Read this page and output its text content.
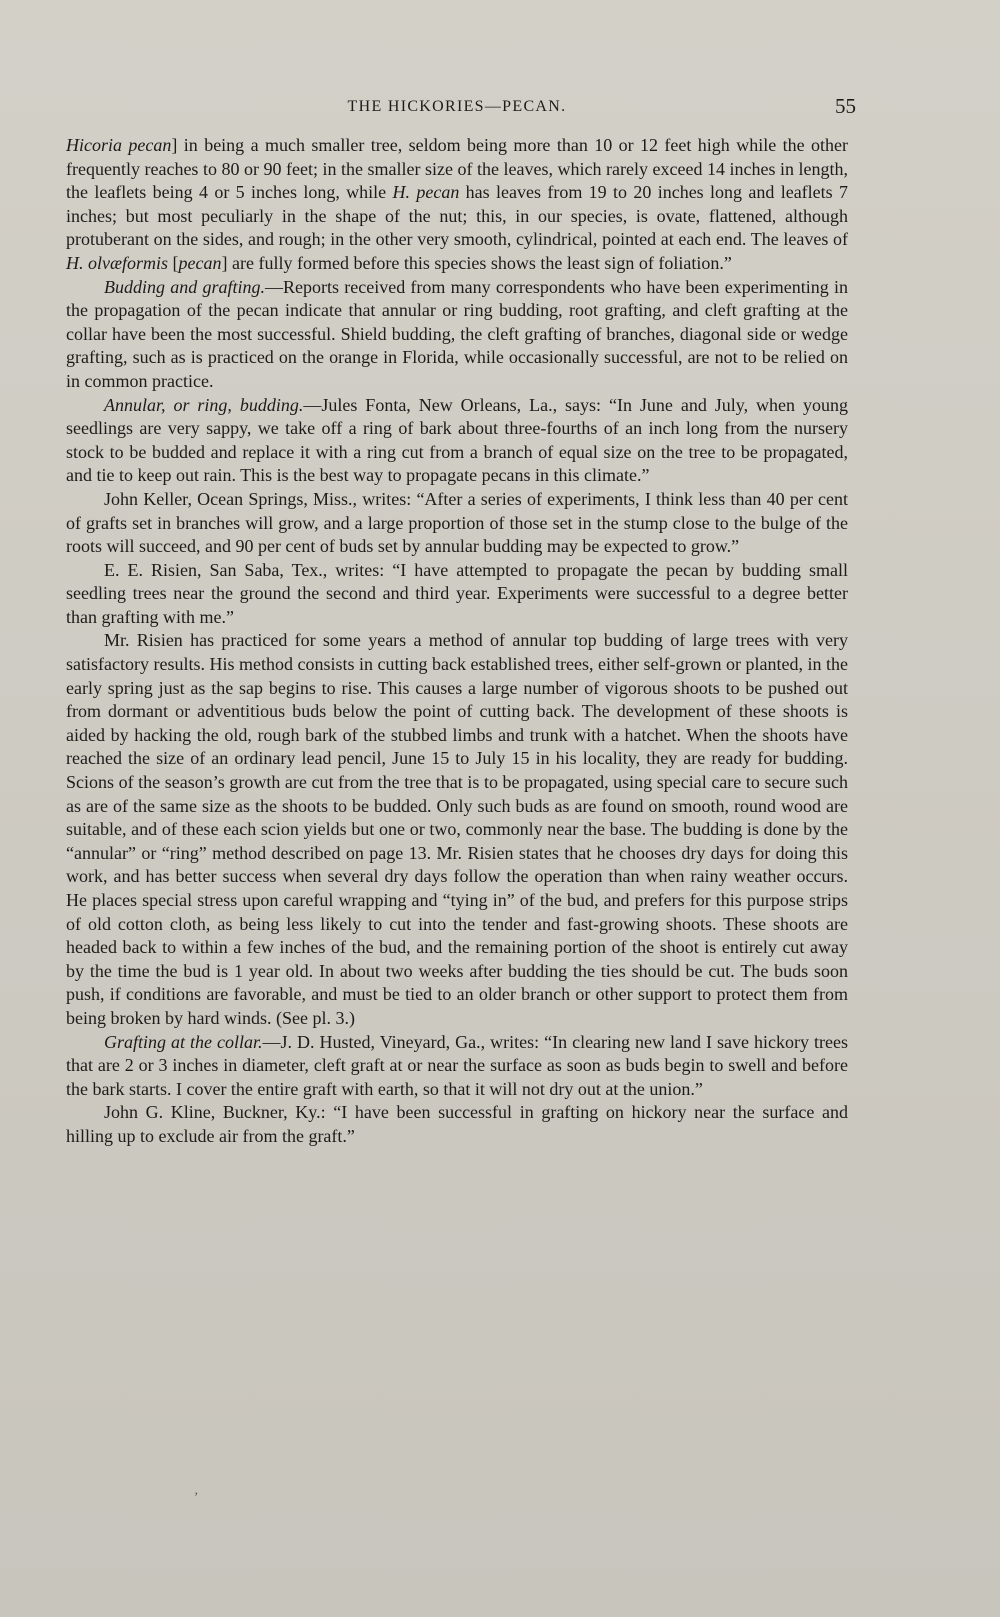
THE HICKORIES—PECAN.	55

Hicoria pecan] in being a much smaller tree, seldom being more than 10 or 12 feet high while the other frequently reaches to 80 or 90 feet; in the smaller size of the leaves, which rarely exceed 14 inches in length, the leaflets being 4 or 5 inches long, while H. pecan has leaves from 19 to 20 inches long and leaflets 7 inches; but most peculiarly in the shape of the nut; this, in our species, is ovate, flattened, although protuberant on the sides, and rough; in the other very smooth, cylindrical, pointed at each end. The leaves of H. olvæformis [pecan] are fully formed before this species shows the least sign of foliation.”

Budding and grafting.—Reports received from many correspondents who have been experimenting in the propagation of the pecan indicate that annular or ring budding, root grafting, and cleft grafting at the collar have been the most successful. Shield budding, the cleft grafting of branches, diagonal side or wedge grafting, such as is practiced on the orange in Florida, while occasionally successful, are not to be relied on in common practice.

Annular, or ring, budding.—Jules Fonta, New Orleans, La., says: “In June and July, when young seedlings are very sappy, we take off a ring of bark about three-fourths of an inch long from the nursery stock to be budded and replace it with a ring cut from a branch of equal size on the tree to be propagated, and tie to keep out rain. This is the best way to propagate pecans in this climate.”

John Keller, Ocean Springs, Miss., writes: “After a series of experiments, I think less than 40 per cent of grafts set in branches will grow, and a large proportion of those set in the stump close to the bulge of the roots will succeed, and 90 per cent of buds set by annular budding may be expected to grow.”

E. E. Risien, San Saba, Tex., writes: “I have attempted to propagate the pecan by budding small seedling trees near the ground the second and third year. Experiments were successful to a degree better than grafting with me.”

Mr. Risien has practiced for some years a method of annular top budding of large trees with very satisfactory results. His method consists in cutting back established trees, either self-grown or planted, in the early spring just as the sap begins to rise. This causes a large number of vigorous shoots to be pushed out from dormant or adventitious buds below the point of cutting back. The development of these shoots is aided by hacking the old, rough bark of the stubbed limbs and trunk with a hatchet. When the shoots have reached the size of an ordinary lead pencil, June 15 to July 15 in his locality, they are ready for budding. Scions of the season’s growth are cut from the tree that is to be propagated, using special care to secure such as are of the same size as the shoots to be budded. Only such buds as are found on smooth, round wood are suitable, and of these each scion yields but one or two, commonly near the base. The budding is done by the “annular” or “ring” method described on page 13. Mr. Risien states that he chooses dry days for doing this work, and has better success when several dry days follow the operation than when rainy weather occurs. He places special stress upon careful wrapping and “tying in” of the bud, and prefers for this purpose strips of old cotton cloth, as being less likely to cut into the tender and fast-growing shoots. These shoots are headed back to within a few inches of the bud, and the remaining portion of the shoot is entirely cut away by the time the bud is 1 year old. In about two weeks after budding the ties should be cut. The buds soon push, if conditions are favorable, and must be tied to an older branch or other support to protect them from being broken by hard winds. (See pl. 3.)

Grafting at the collar.—J. D. Husted, Vineyard, Ga., writes: “In clearing new land I save hickory trees that are 2 or 3 inches in diameter, cleft graft at or near the surface as soon as buds begin to swell and before the bark starts. I cover the entire graft with earth, so that it will not dry out at the union.”

John G. Kline, Buckner, Ky.: “I have been successful in grafting on hickory near the surface and hilling up to exclude air from the graft.”

ʼ
